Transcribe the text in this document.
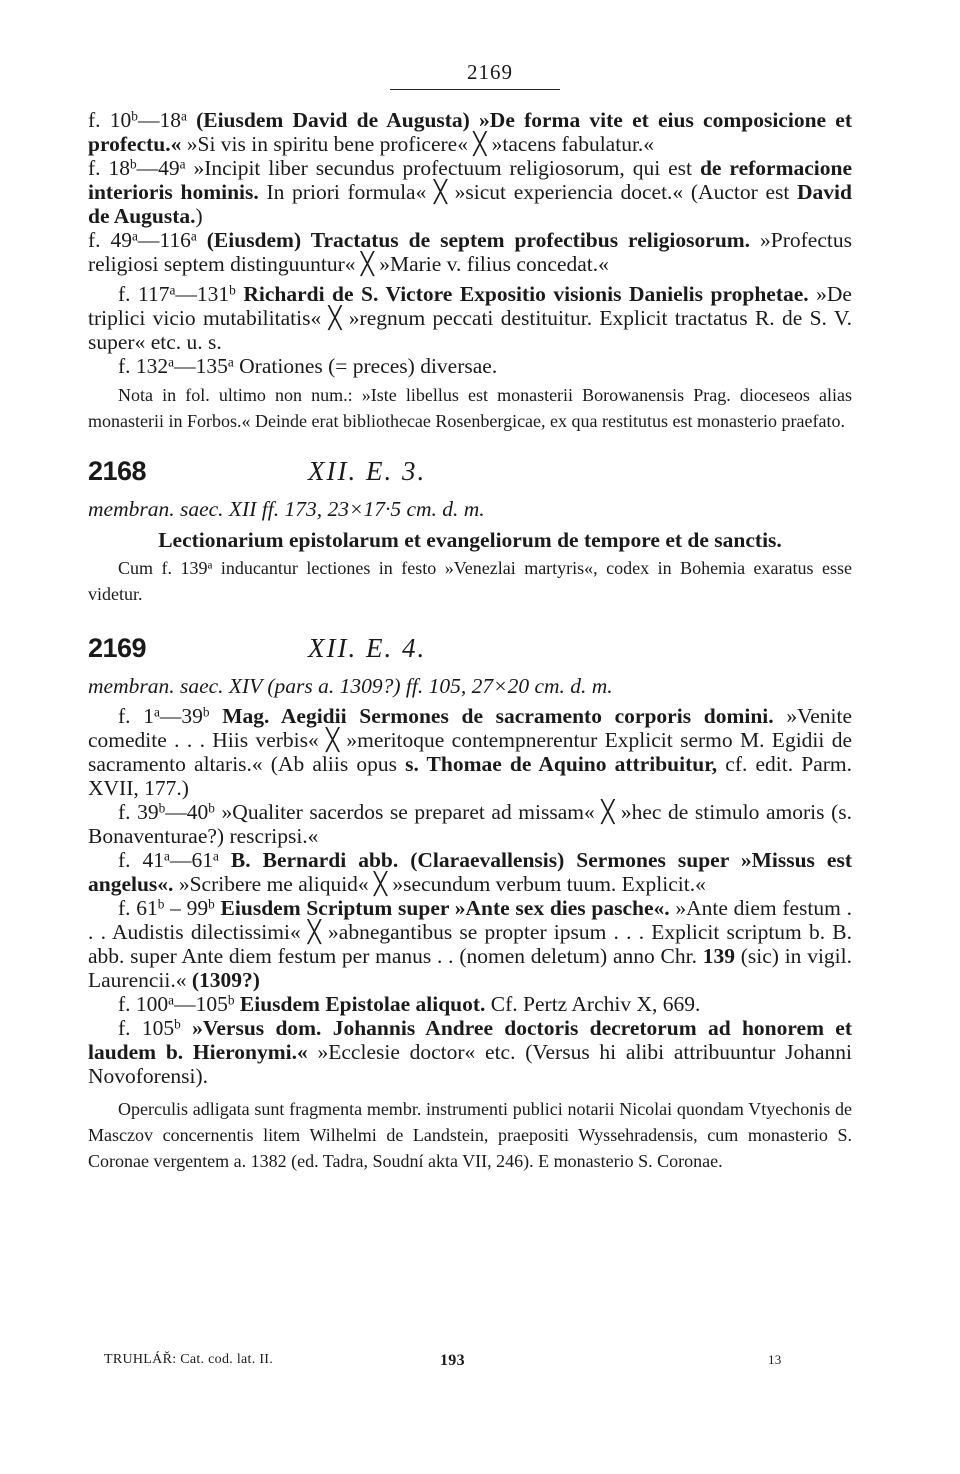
2169

f. 10$^b$—18$^a$ (Eiusdem David de Augusta) »De forma vite et eius composicione et profectu.« »Si vis in spiritu bene proficere« ╳ »tacens fabulatur.«

f. 18$^b$—49$^a$ »Incipit liber secundus profectuum religiosorum, qui est de reformacione interioris hominis. In priori formula« ╳ »sicut experiencia docet.« (Auctor est David de Augusta.)

f. 49$^a$—116$^a$ (Eiusdem) Tractatus de septem profectibus religiosorum. »Profectus religiosi septem distinguuntur« ╳ »Marie v. filius concedat.«

f. 117$^a$—131$^b$ Richardi de S. Victore Expositio visionis Danielis prophetae. »De triplici vicio mutabilitatis« ╳ »regnum peccati destituitur. Explicit tractatus R. de S. V. super« etc. u. s.

f. 132$^a$—135$^a$ Orationes (= preces) diversae.

Nota in fol. ultimo non num.: »Iste libellus est monasterii Borowanensis Prag. dioceseos alias monasterii in Forbos.« Deinde erat bibliothecae Rosenbergicae, ex qua restitutus est monasterio praefato.

2168	XII. E. 3.
membran. saec. XII ff. 173, 23×17·5 cm. d. m.
Lectionarium epistolarum et evangeliorum de tempore et de sanctis.

Cum f. 139$^a$ inducantur lectiones in festo »Venezlai martyris«, codex in Bohemia exaratus esse videtur.

2169	XII. E. 4.
membran. saec. XIV (pars a. 1309?) ff. 105, 27×20 cm. d. m.

f. 1$^a$—39$^b$ Mag. Aegidii Sermones de sacramento corporis domini. »Venite comedite . . . Hiis verbis« ╳ »meritoque contempnerentur Explicit sermo M. Egidii de sacramento altaris.« (Ab aliis opus s. Thomae de Aquino attribuitur, cf. edit. Parm. XVII, 177.)

f. 39$^b$—40$^b$ »Qualiter sacerdos se preparet ad missam« ╳ »hec de stimulo amoris (s. Bonaventurae?) rescripsi.«

f. 41$^a$—61$^a$ B. Bernardi abb. (Claraevallensis) Sermones super »Missus est angelus«. »Scribere me aliquid« ╳ »secundum verbum tuum. Explicit.«

f. 61$^b$ – 99$^b$ Eiusdem Scriptum super »Ante sex dies pasche«. »Ante diem festum . . . Audistis dilectissimi« ╳ »abnegantibus se propter ipsum . . . Explicit scriptum b. B. abb. super Ante diem festum per manus . . (nomen deletum) anno Chr. 139 (sic) in vigil. Laurencii.« (1309?)

f. 100$^a$—105$^b$ Eiusdem Epistolae aliquot. Cf. Pertz Archiv X, 669.

f. 105$^b$ »Versus dom. Johannis Andree doctoris decretorum ad honorem et laudem b. Hieronymi.« »Ecclesie doctor« etc. (Versus hi alibi attribuuntur Johanni Novoforensi).

Operculis adligata sunt fragmenta membr. instrumenti publici notarii Nicolai quondam Vtyechonis de Masczov concernentis litem Wilhelmi de Landstein, praepositi Wyssehradensis, cum monasterio S. Coronae vergentem a. 1382 (ed. Tadra, Soudní akta VII, 246). E monasterio S. Coronae.

TRUHLÁŘ: Cat. cod. lat. II.	193	13
